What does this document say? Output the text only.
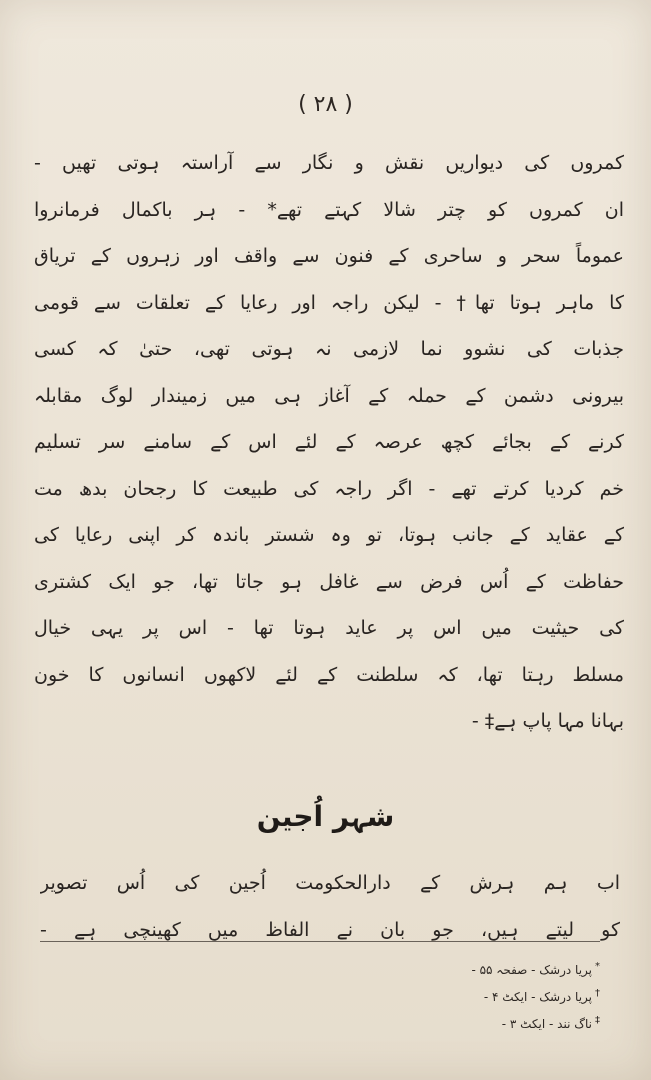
( ۲۸ )
کمروں کی دیواریں نقش و نگار سے آراستہ ہوتی تھیں -
ان کمروں کو چتر شالا کہتے تھے* - ہر باکمال فرمانروا
عموماً سحر و ساحری کے فنون سے واقف اور زہروں کے تریاق
کا ماہر ہوتا تھا† - لیکن راجہ اور رعایا کے تعلقات سے قومی
جذبات کی نشوو نما لازمی نہ ہوتی تھی، حتیٰ کہ کسی
بیرونی دشمن کے حملہ کے آغاز ہی میں زمیندار لوگ مقابلہ
کرنے کے بجائے کچھ عرصہ کے لئے اس کے سامنے سر تسلیم
خم کردیا کرتے تھے - اگر راجہ کی طبیعت کا رجحان بدھ مت
کے عقاید کے جانب ہوتا، تو وہ شستر باندہ کر اپنی رعایا کی
حفاظت کے اُس فرض سے غافل ہو جاتا تھا، جو ایک کشتری
کی حیثیت میں اس پر عاید ہوتا تھا - اس پر یہی خیال
مسلط رہتا تھا، کہ سلطنت کے لئے لاکھوں انسانوں کا خون
بہانا مہا پاپ ہے‡ -
شہر اُجین
اب ہم ہرش کے دارالحکومت اُجین کی اُس تصویر
کو لیتے ہیں، جو بان نے الفاظ میں کھینچی ہے -
*پریا درشک - صفحہ ۵۵ -
†پریا درشک - ایکٹ ۴ -
‡ناگ نند - ایکٹ ۳ -
